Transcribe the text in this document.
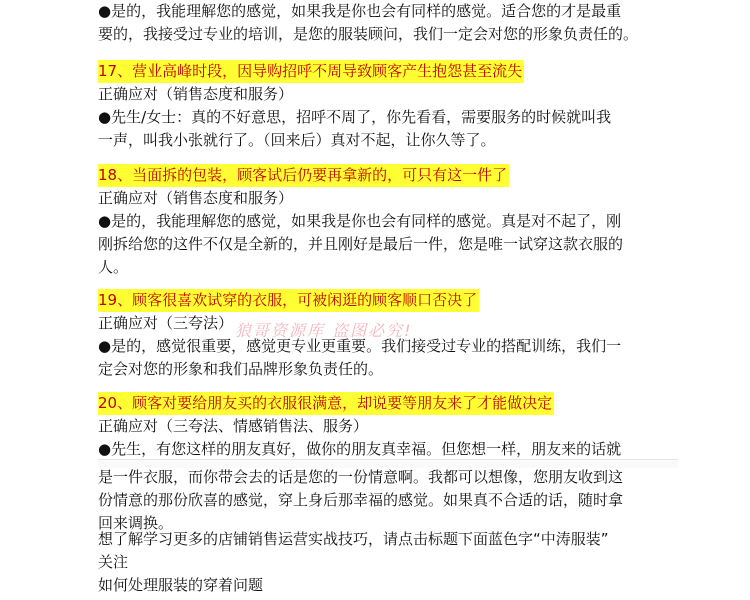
●是的，我能理解您的感觉，如果我是你也会有同样的感觉。适合您的才是最重
要的，我接受过专业的培训，是您的服装顾问，我们一定会对您的形象负责任的。
17、营业高峰时段，因导购招呼不周导致顾客产生抱怨甚至流失
正确应对（销售态度和服务）
●先生/女士：真的不好意思，招呼不周了，你先看看，需要服务的时候就叫我
一声，叫我小张就行了。（回来后）真对不起，让你久等了。
18、当面拆的包装，顾客试后仍要再拿新的，可只有这一件了
正确应对（销售态度和服务）
●是的，我能理解您的感觉，如果我是你也会有同样的感觉。真是对不起了，刚
刚拆给您的这件不仅是全新的，并且刚好是最后一件，您是唯一试穿这款衣服的
人。
19、顾客很喜欢试穿的衣服，可被闲逛的顾客顺口否决了
正确应对（三夸法）
●是的，感觉很重要，感觉更专业更重要。我们接受过专业的搭配训练，我们一
定会对您的形象和我们品牌形象负责任的。
20、顾客对要给朋友买的衣服很满意，却说要等朋友来了才能做决定
正确应对（三夸法、情感销售法、服务）
●先生，有您这样的朋友真好，做你的朋友真幸福。但您想一样，朋友来的话就
是一件衣服，而你带会去的话是您的一份情意啊。我都可以想像，您朋友收到这
份情意的那份欣喜的感觉，穿上身后那幸福的感觉。如果真不合适的话，随时拿
回来调换。
想了解学习更多的店铺销售运营实战技巧，请点击标题下面蓝色字“中涛服装”
关注
如何处理服装的穿着问题
狼哥资源库 盗图必究!
